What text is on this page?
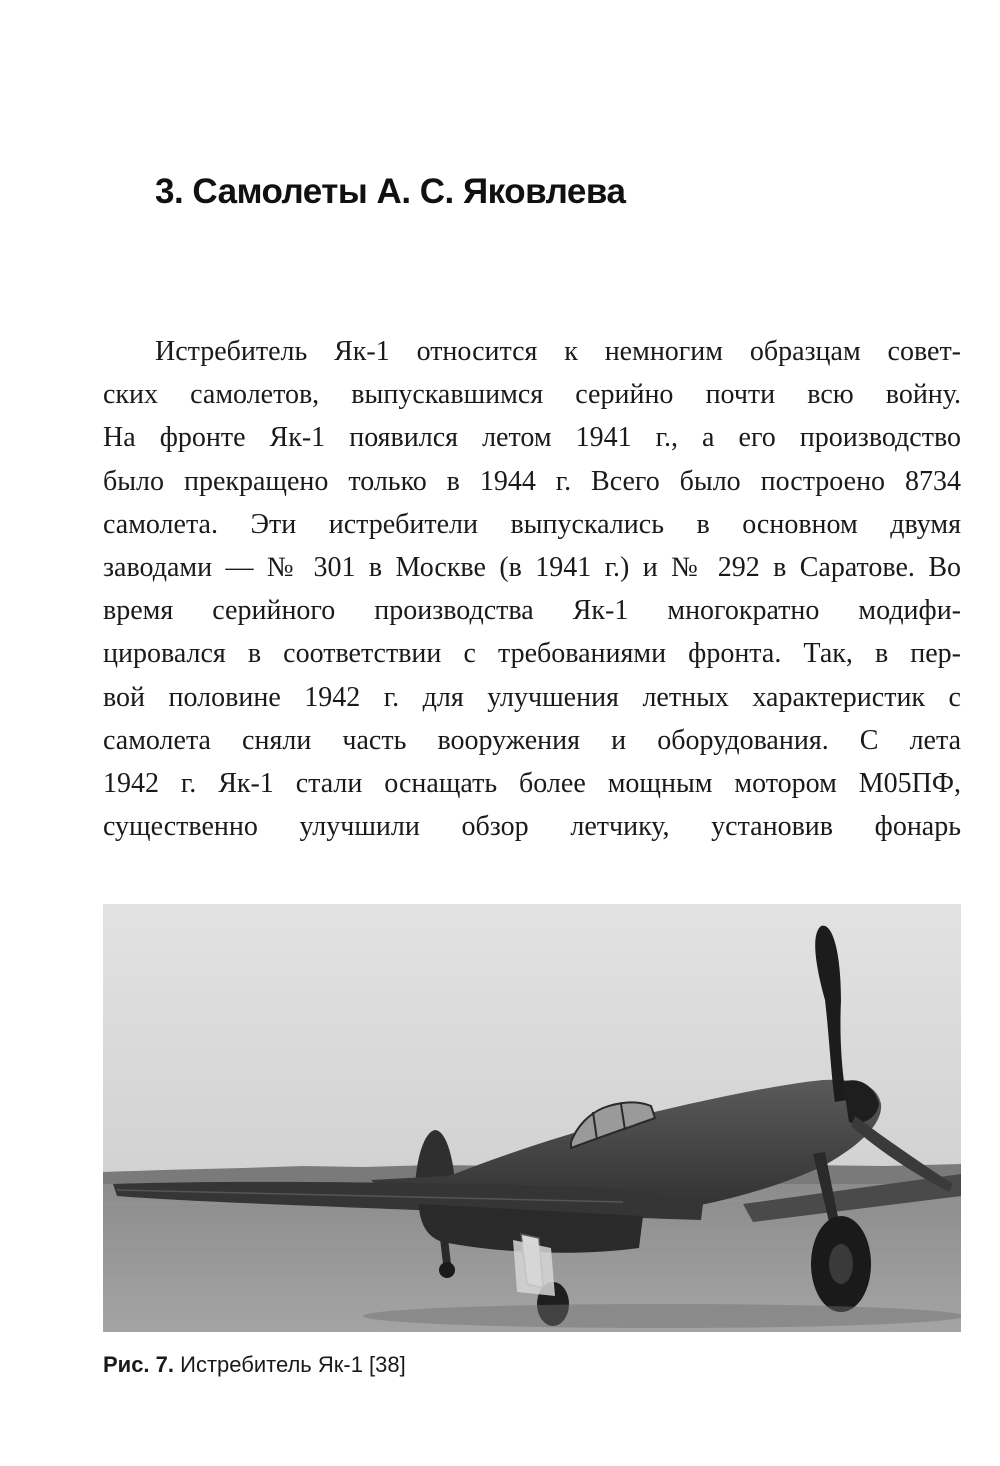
3. Самолеты А. С. Яковлева
Истребитель Як-1 относится к немногим образцам совет-
ских самолетов, выпускавшимся серийно почти всю войну.
На фронте Як-1 появился летом 1941 г., а его производство
было прекращено только в 1944 г. Всего было построено 8734
самолета. Эти истребители выпускались в основном двумя
заводами — № 301 в Москве (в 1941 г.) и № 292 в Саратове. Во
время серийного производства Як-1 многократно модифи-
цировался в соответствии с требованиями фронта. Так, в пер-
вой половине 1942 г. для улучшения летных характеристик с
самолета сняли часть вооружения и оборудования. С лета
1942 г. Як-1 стали оснащать более мощным мотором М05ПФ,
существенно улучшили обзор летчику, установив фонарь
Рис. 7. Истребитель Як-1 [38]
